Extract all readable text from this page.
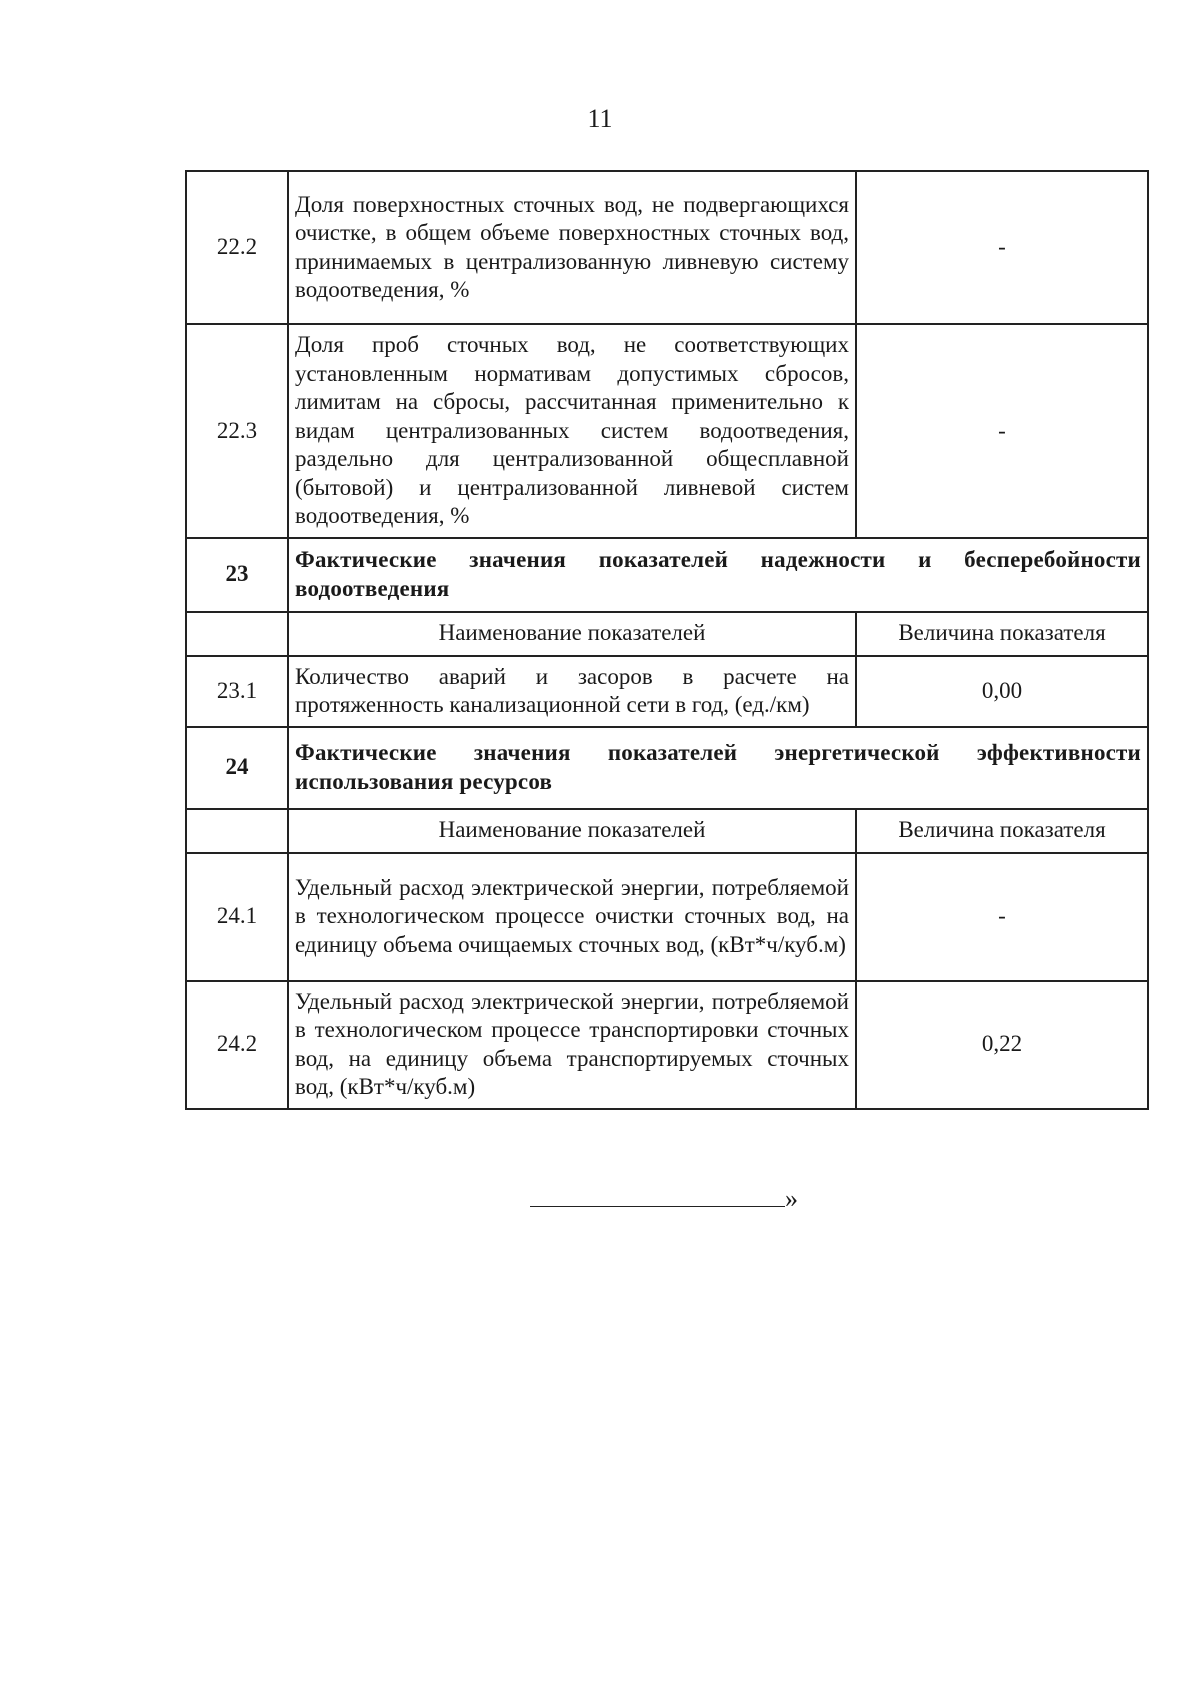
11
22.2	Доля поверхностных сточных вод, не подвергающихся очистке, в общем объеме поверхностных сточных вод, принимаемых в централизованную ливневую систему водоотведения, %	-
22.3	Доля проб сточных вод, не соответствующих установленным нормативам допустимых сбросов, лимитам на сбросы, рассчитанная применительно к видам централизованных систем водоотведения, раздельно для централизованной общесплавной (бытовой) и централизованной ливневой систем водоотведения, %	-
23	Фактические значения показателей надежности и бесперебойности водоотведения	
	Наименование показателей	Величина показателя
23.1	Количество аварий и засоров в расчете на протяженность канализационной сети в год, (ед./км)	0,00
24	Фактические значения показателей энергетической эффективности использования ресурсов	
	Наименование показателей	Величина показателя
24.1	Удельный расход электрической энергии, потребляемой в технологическом процессе очистки сточных вод, на единицу объема очищаемых сточных вод, (кВт*ч/куб.м)	-
24.2	Удельный расход электрической энергии, потребляемой в технологическом процессе транспортировки сточных вод, на единицу объема транспортируемых сточных вод, (кВт*ч/куб.м)	0,22
»
